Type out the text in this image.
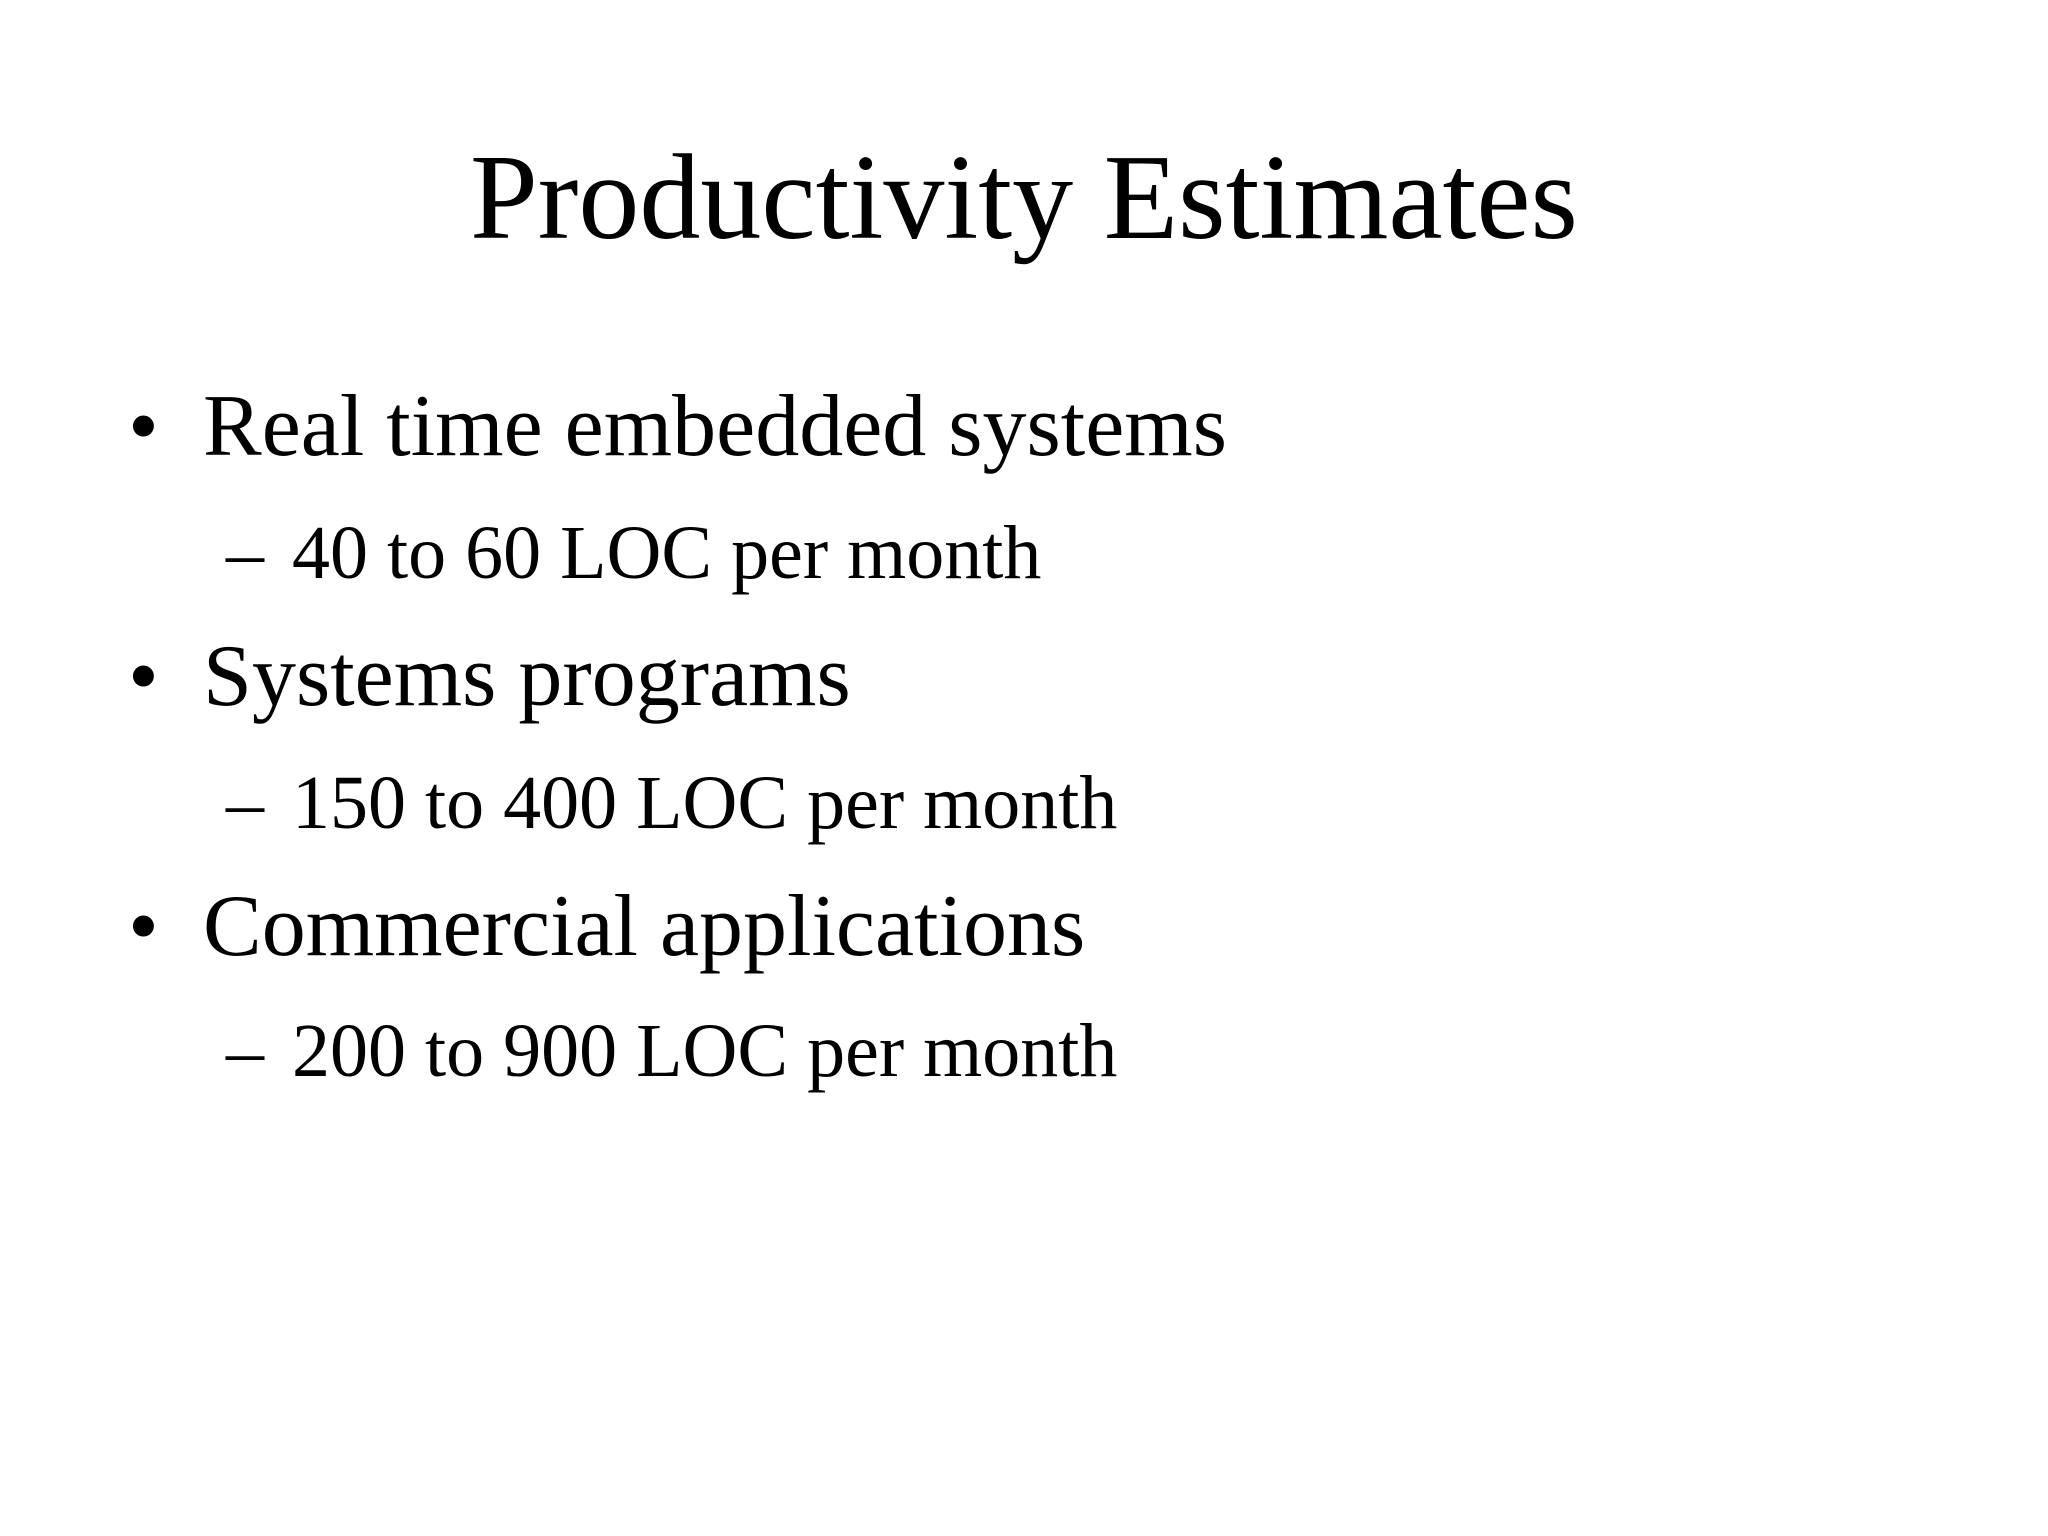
Productivity Estimates
• Real time embedded systems
– 40 to 60 LOC per month
• Systems programs
– 150 to 400 LOC per month
• Commercial applications
– 200 to 900 LOC per month
